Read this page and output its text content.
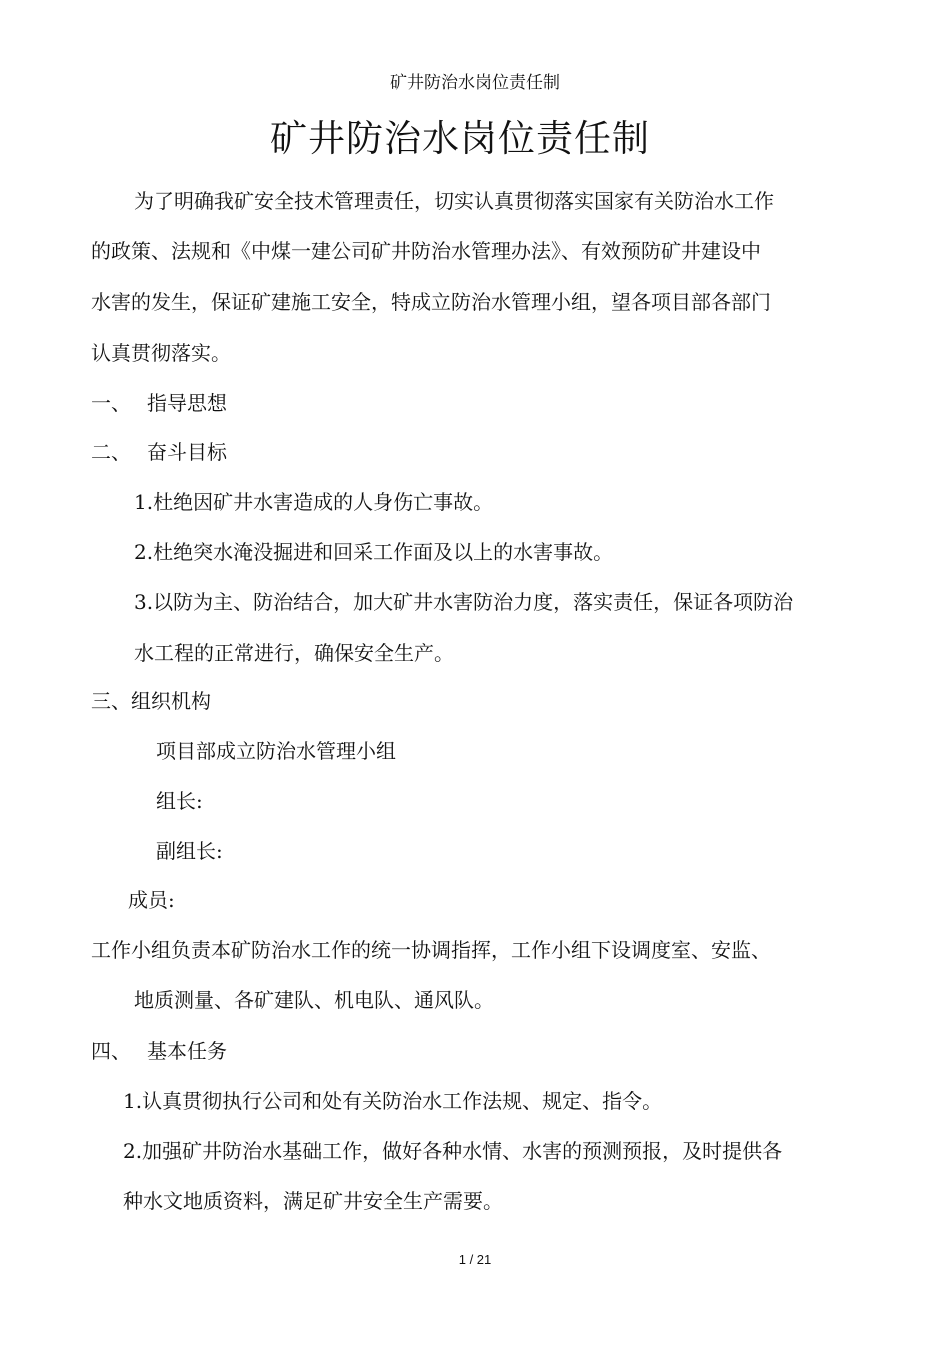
矿井防治水岗位责任制
矿井防治水岗位责任制
为了明确我矿安全技术管理责任，切实认真贯彻落实国家有关防治水工作
的政策、法规和《中煤一建公司矿井防治水管理办法》、有效预防矿井建设中
水害的发生，保证矿建施工安全，特成立防治水管理小组，望各项目部各部门
认真贯彻落实。
一、 指导思想
二、 奋斗目标
1.杜绝因矿井水害造成的人身伤亡事故。
2.杜绝突水淹没掘进和回采工作面及以上的水害事故。
3.以防为主、防治结合，加大矿井水害防治力度，落实责任，保证各项防治
水工程的正常进行，确保安全生产。
三、组织机构
项目部成立防治水管理小组
组长:
副组长:
成员:
工作小组负责本矿防治水工作的统一协调指挥，工作小组下设调度室、安监、
地质测量、各矿建队、机电队、通风队。
四、 基本任务
1.认真贯彻执行公司和处有关防治水工作法规、规定、指令。
2.加强矿井防治水基础工作，做好各种水情、水害的预测预报，及时提供各
种水文地质资料，满足矿井安全生产需要。
1 / 21
